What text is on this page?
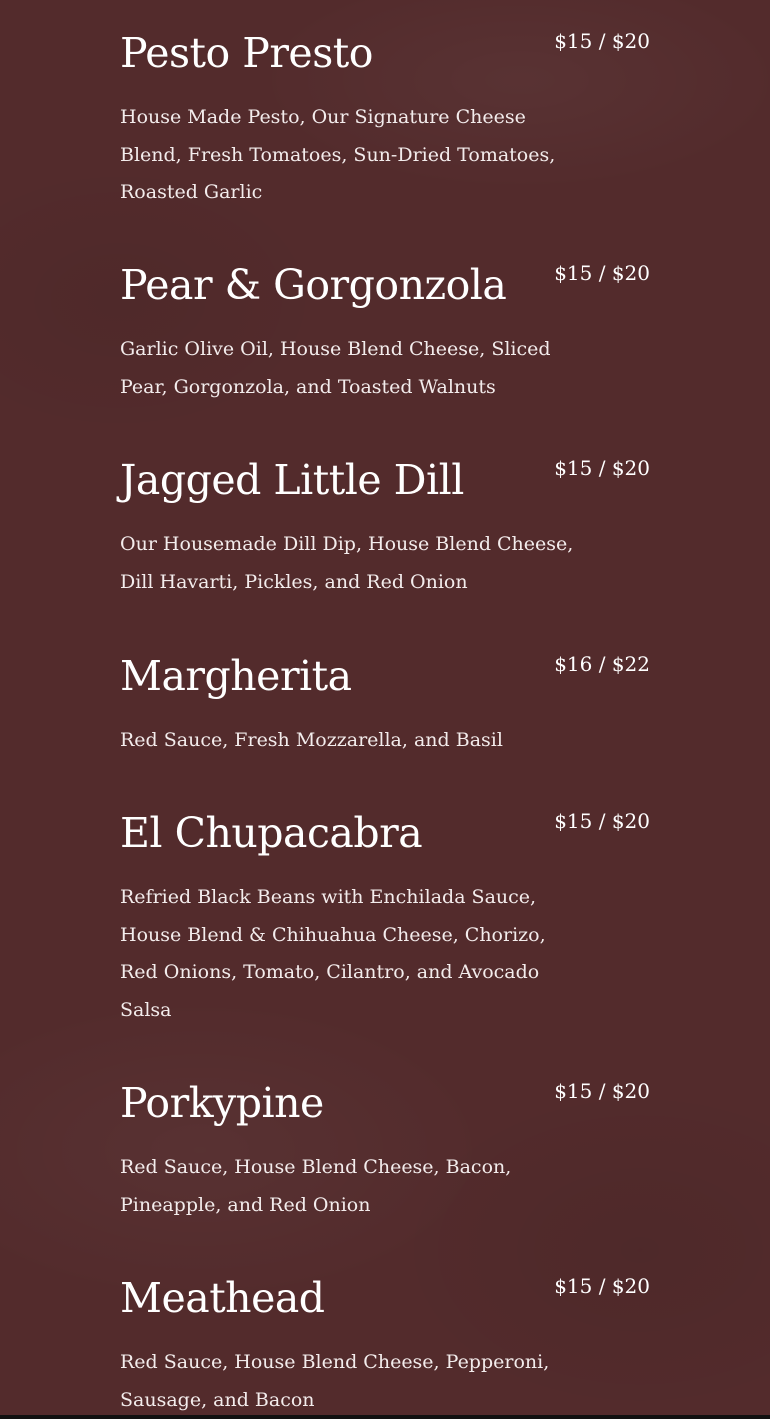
Pesto Presto	$15 / $20

House Made Pesto, Our Signature Cheese Blend, Fresh Tomatoes, Sun-Dried Tomatoes, Roasted Garlic

Pear & Gorgonzola	$15 / $20

Garlic Olive Oil, House Blend Cheese, Sliced Pear, Gorgonzola, and Toasted Walnuts

Jagged Little Dill	$15 / $20

Our Housemade Dill Dip, House Blend Cheese, Dill Havarti, Pickles, and Red Onion

Margherita	$16 / $22

Red Sauce, Fresh Mozzarella, and Basil

El Chupacabra	$15 / $20

Refried Black Beans with Enchilada Sauce, House Blend & Chihuahua Cheese, Chorizo, Red Onions, Tomato, Cilantro, and Avocado Salsa

Porkypine	$15 / $20

Red Sauce, House Blend Cheese, Bacon, Pineapple, and Red Onion

Meathead	$15 / $20

Red Sauce, House Blend Cheese, Pepperoni, Sausage, and Bacon
